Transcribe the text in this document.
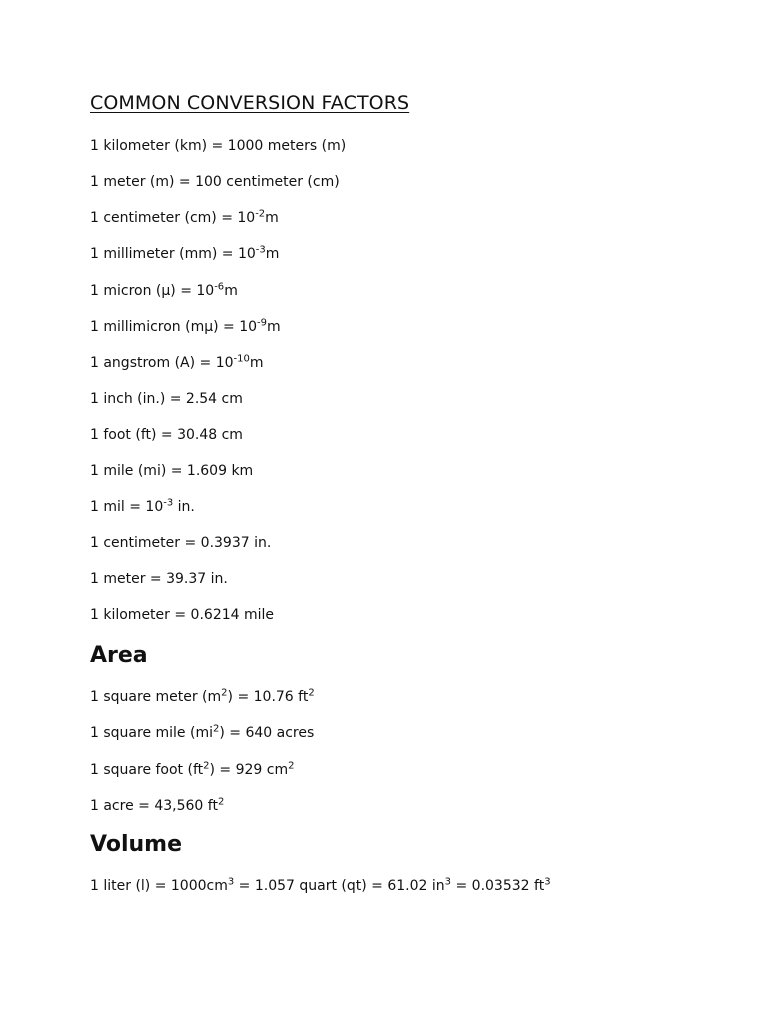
COMMON CONVERSION FACTORS
1 kilometer (km) = 1000 meters (m)
1 meter (m) = 100 centimeter (cm)
1 centimeter $(cm) = 10^{-2}m$
1 millimeter $(mm) = 10^{-3}m$
1 micron $(\mu) = 10^{-6}m$
1 millimicron $(m\mu) = 10^{-9}m$
1 angstrom $(A) = 10^{-10}m$
1 inch (in.) = 2.54 cm
1 foot (ft) = 30.48 cm
1 mile (mi) = 1.609 km
1 mil = $10^{-3}$ in.
1 centimeter = 0.3937 in.
1 meter = 39.37 in.
1 kilometer = 0.6214 mile
Area
1 square meter $(m^2) = 10.76$ $ft^2$
1 square mile $(mi^2) = 640$ acres
1 square foot $(ft^2) = 929$ $cm^2$
1 acre = 43,560 $ft^2$
Volume
1 liter $(l) = 1000cm^3 = 1.057$ quart (qt) = 61.02 $in^3 = 0.03532$ $ft^3$
